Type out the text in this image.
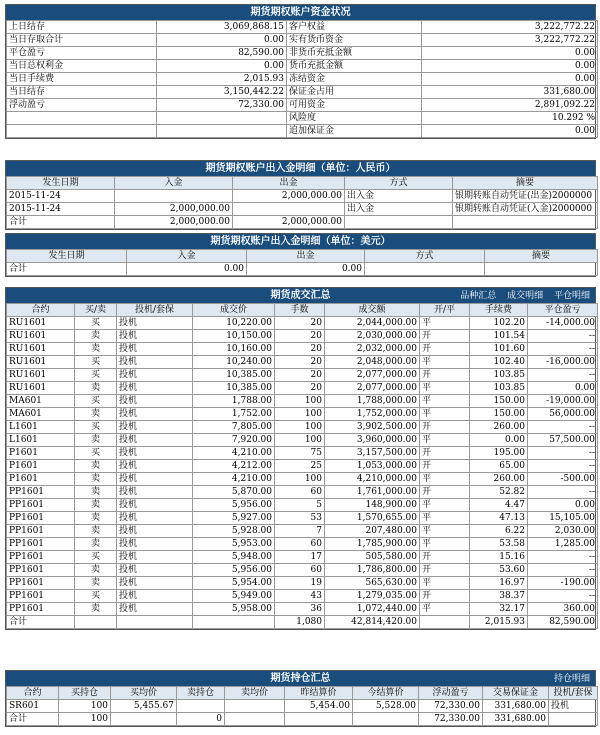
期货期权账户资金状况
上日结存	3,069,868.15	客户权益	3,222,772.22
当日存取合计	0.00	实有货币资金	3,222,772.22
平仓盈亏	82,590.00	非货币充抵金额	0.00
当日总权利金	0.00	货币充抵金额	0.00
当日手续费	2,015.93	冻结资金	0.00
当日结存	3,150,442.22	保证金占用	331,680.00
浮动盈亏	72,330.00	可用资金	2,891,092.22
		风险度	10.292 %
		追加保证金	0.00
期货期权账户出入金明细（单位：人民币）
发生日期	入金	出金	方式	摘要
2015-11-24		2,000,000.00	出入金	银期转账自动凭证(出金)2000000
2015-11-24	2,000,000.00		出入金	银期转账自动凭证(入金)2000000
合计	2,000,000.00	2,000,000.00		
期货期权账户出入金明细（单位：美元）
发生日期	入金	出金	方式	摘要
合计	0.00	0.00		
期货成交汇总	品种汇总 成交明细 平仓明细
合约	买/卖	投机/套保	成交价	手数	成交额	开/平	手续费	平仓盈亏
RU1601	买	投机	10,220.00	20	2,044,000.00	平	102.20	-14,000.00
RU1601	卖	投机	10,150.00	20	2,030,000.00	开	101.54	--
RU1601	卖	投机	10,160.00	20	2,032,000.00	开	101.60	--
RU1601	买	投机	10,240.00	20	2,048,000.00	平	102.40	-16,000.00
RU1601	买	投机	10,385.00	20	2,077,000.00	开	103.85	--
RU1601	卖	投机	10,385.00	20	2,077,000.00	平	103.85	0.00
MA601	买	投机	1,788.00	100	1,788,000.00	平	150.00	-19,000.00
MA601	卖	投机	1,752.00	100	1,752,000.00	平	150.00	56,000.00
L1601	买	投机	7,805.00	100	3,902,500.00	开	260.00	--
L1601	卖	投机	7,920.00	100	3,960,000.00	平	0.00	57,500.00
P1601	买	投机	4,210.00	75	3,157,500.00	开	195.00	--
P1601	卖	投机	4,212.00	25	1,053,000.00	开	65.00	--
P1601	卖	投机	4,210.00	100	4,210,000.00	平	260.00	-500.00
PP1601	卖	投机	5,870.00	60	1,761,000.00	开	52.82	--
PP1601	卖	投机	5,956.00	5	148,900.00	平	4.47	0.00
PP1601	卖	投机	5,927.00	53	1,570,655.00	平	47.13	15,105.00
PP1601	卖	投机	5,928.00	7	207,480.00	平	6.22	2,030.00
PP1601	卖	投机	5,953.00	60	1,785,900.00	平	53.58	1,285.00
PP1601	买	投机	5,948.00	17	505,580.00	开	15.16	--
PP1601	卖	投机	5,956.00	60	1,786,800.00	开	53.60	--
PP1601	卖	投机	5,954.00	19	565,630.00	平	16.97	-190.00
PP1601	买	投机	5,949.00	43	1,279,035.00	开	38.37	--
PP1601	卖	投机	5,958.00	36	1,072,440.00	平	32.17	360.00
合计				1,080	42,814,420.00		2,015.93	82,590.00
期货持仓汇总	持仓明细
合约	买持仓	买均价	卖持仓	卖均价	昨结算价	今结算价	浮动盈亏	交易保证金	投机/套保
SR601	100	5,455.67			5,454.00	5,528.00	72,330.00	331,680.00	投机
合计	100		0				72,330.00	331,680.00	
